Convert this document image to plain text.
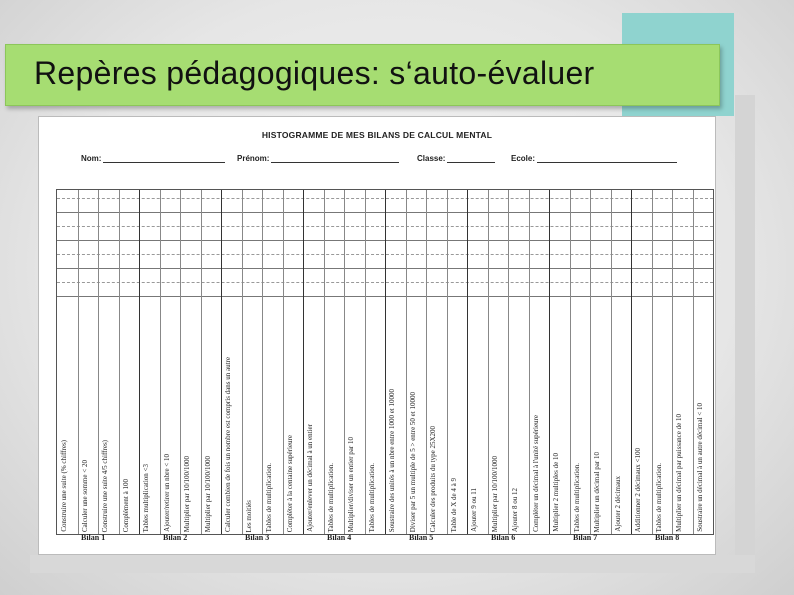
Repères pédagogiques: s‘auto-évaluer
HISTOGRAMME DE MES BILANS DE CALCUL MENTAL
Nom:	Prénom:	Classe:	Ecole:
Construire une suite (% chiffres)	Calculer une somme < 20	Construire une suite 4/5 chiffres)	Complément à 100	Tables multiplication <3	Ajouter/retirer un nbre < 10	Multiplier par 10/100/1000	Multiplier par 10/100/1000	Calculer combien de fois un nombre est compris dans un autre	Les moitiés	Tables de multiplication.	Compléter à la centaine supérieure	Ajouter/enlever un décimal à un entier	Tables de multiplication.	Multiplier/diviser un entier par 10	Tables de multiplication.	Soustraire des unités à un nbre entre 1000 et 10000	Diviser par 5 un multiple de 5 > entre 50 et 10000	Calculer des produits du type 25X200	Table de X de 4 à 9	Ajouter 9 ou 11	Multiplier par 10/100/1000	Ajouter 8 ou 12	Compléter un décimal à l'unité supérieure	Multiplier 2 multiples de 10	Tables de multiplication.	Multiplier un décimal par 10	Ajouter 2 décimaux	Additionner 2 décimaux <100	Tables de multiplication.	Multiplier un décimal par puissance de 10	Soustraire un décimal à un autre décimal < 10
Bilan 1	Bilan 2	Bilan 3	Bilan 4	Bilan 5	Bilan 6	Bilan 7	Bilan 8
